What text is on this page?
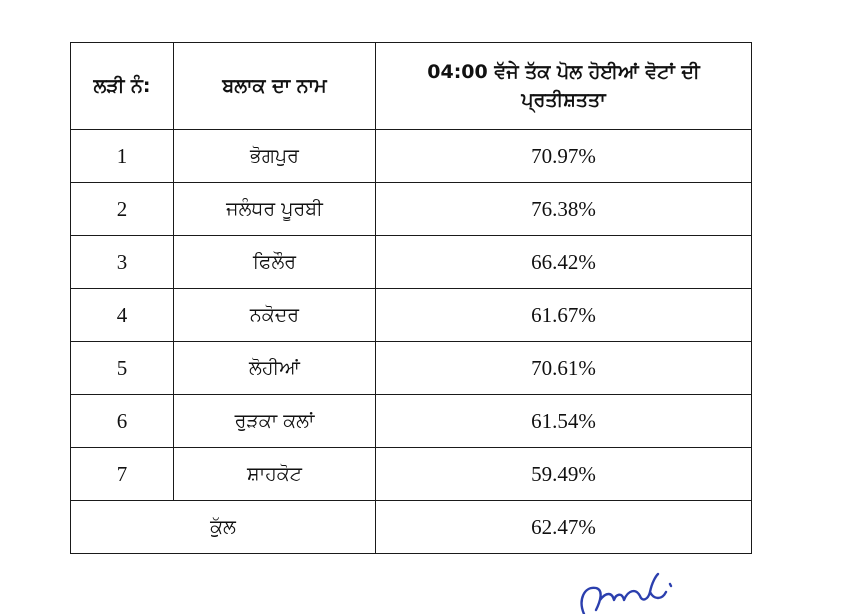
ਲੜੀ ਨੰ:	ਬਲਾਕ ਦਾ ਨਾਮ	04:00 ਵੱਜੇ ਤੱਕ ਪੋਲ ਹੋਈਆਂ ਵੋਟਾਂ ਦੀ ਪ੍ਰਤੀਸ਼ਤਤਾ
1	ਭੋਗਪੁਰ	70.97%
2	ਜਲੰਧਰ ਪੂਰਬੀ	76.38%
3	ਫਿਲੌਰ	66.42%
4	ਨਕੋਦਰ	61.67%
5	ਲੋਹੀਆਂ	70.61%
6	ਰੁੜਕਾ ਕਲਾਂ	61.54%
7	ਸ਼ਾਹਕੋਟ	59.49%
ਕੁੱਲ		62.47%
